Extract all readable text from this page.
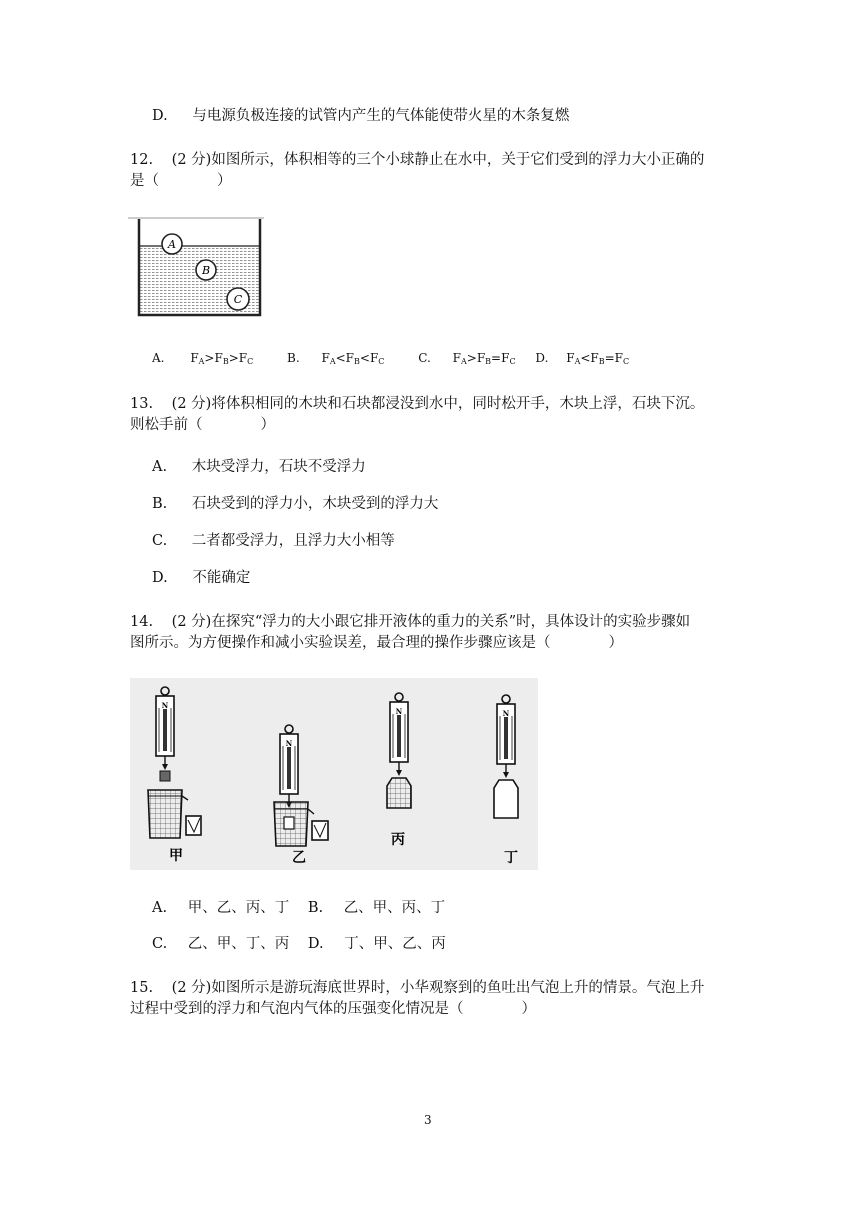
D. 与电源负极连接的试管内产生的气体能使带火星的木条复燃
12. (2 分)如图所示，体积相等的三个小球静止在水中，关于它们受到的浮力大小正确的
是（　　　　）
A
B
C
A. $F_A>F_B>F_C$	B. $F_A<F_B<F_C$	C. $F_A>F_B=F_C$ D. $F_A<F_B=F_C$
13. (2 分)将体积相同的木块和石块都浸没到水中，同时松开手，木块上浮，石块下沉。
则松手前（　　　　）
A. 木块受浮力，石块不受浮力
B. 石块受到的浮力小，木块受到的浮力大
C. 二者都受浮力，且浮力大小相等
D. 不能确定
14. (2 分)在探究“浮力的大小跟它排开液体的重力的关系”时，具体设计的实验步骤如
图所示。为方便操作和减小实验误差，最合理的操作步骤应该是（　　　　）
N
甲
N
乙
N
丙
N
丁
A. 甲、乙、丙、丁 B. 乙、甲、丙、丁
C. 乙、甲、丁、丙 D. 丁、甲、乙、丙
15. (2 分)如图所示是游玩海底世界时，小华观察到的鱼吐出气泡上升的情景。气泡上升
过程中受到的浮力和气泡内气体的压强变化情况是（　　　　）
3
